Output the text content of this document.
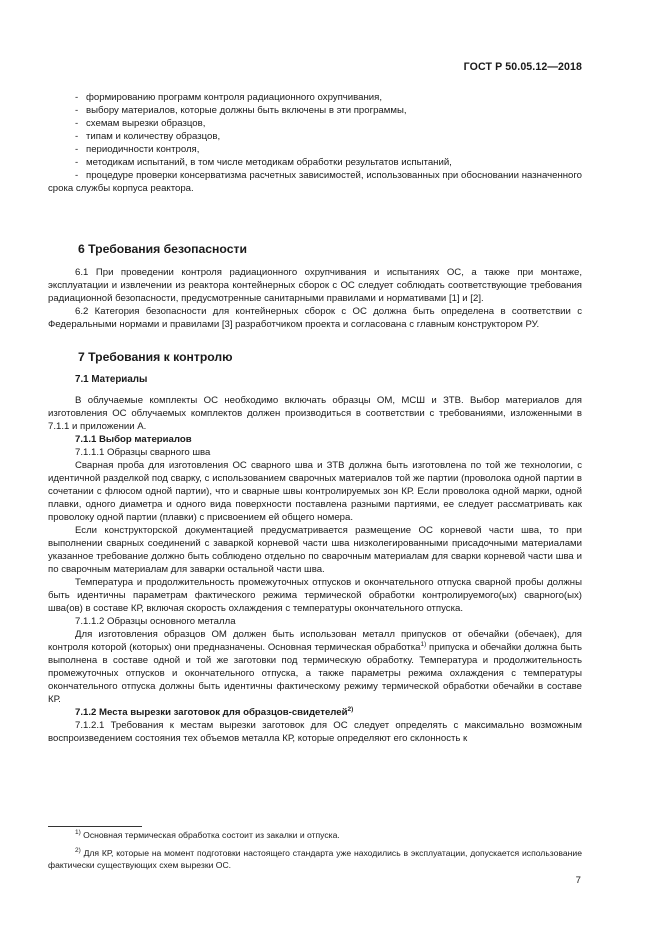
ГОСТ Р 50.05.12—2018
- формированию программ контроля радиационного охрупчивания,
- выбору материалов, которые должны быть включены в эти программы,
- схемам вырезки образцов,
- типам и количеству образцов,
- периодичности контроля,
- методикам испытаний, в том числе методикам обработки результатов испытаний,
- процедуре проверки консерватизма расчетных зависимостей, использованных при обосновании назначенного срока службы корпуса реактора.
6 Требования безопасности

6.1 При проведении контроля радиационного охрупчивания и испытаниях ОС, а также при монтаже, эксплуатации и извлечении из реактора контейнерных сборок с ОС следует соблюдать соответствующие требования радиационной безопасности, предусмотренные санитарными правилами и нормативами [1] и [2].

6.2 Категория безопасности для контейнерных сборок с ОС должна быть определена в соответствии с Федеральными нормами и правилами [3] разработчиком проекта и согласована с главным конструктором РУ.

7 Требования к контролю

7.1 Материалы

В облучаемые комплекты ОС необходимо включать образцы ОМ, МСШ и ЗТВ. Выбор материалов для изготовления ОС облучаемых комплектов должен производиться в соответствии с требованиями, изложенными в 7.1.1 и приложении А.

7.1.1 Выбор материалов

7.1.1.1 Образцы сварного шва

Сварная проба для изготовления ОС сварного шва и ЗТВ должна быть изготовлена по той же технологии, с идентичной разделкой под сварку, с использованием сварочных материалов той же партии (проволока одной партии в сочетании с флюсом одной партии), что и сварные швы контролируемых зон КР. Если проволока одной марки, одной плавки, одного диаметра и одного вида поверхности поставлена разными партиями, ее следует рассматривать как проволоку одной партии (плавки) с присвоением ей общего номера.

Если конструкторской документацией предусматривается размещение ОС корневой части шва, то при выполнении сварных соединений с заваркой корневой части шва низколегированными присадочными материалами указанное требование должно быть соблюдено отдельно по сварочным материалам для сварки корневой части шва и по сварочным материалам для заварки остальной части шва.

Температура и продолжительность промежуточных отпусков и окончательного отпуска сварной пробы должны быть идентичны параметрам фактического режима термической обработки контролируемого(ых) сварного(ых) шва(ов) в составе КР, включая скорость охлаждения с температуры окончательного отпуска.

7.1.1.2 Образцы основного металла

Для изготовления образцов ОМ должен быть использован металл припусков от обечайки (обечаек), для контроля которой (которых) они предназначены. Основная термическая обработка$^{1)}$ припуска и обечайки должна быть выполнена в составе одной и той же заготовки под термическую обработку. Температура и продолжительность промежуточных отпусков и окончательного отпуска, а также параметры режима охлаждения с температуры окончательного отпуска должны быть идентичны фактическому режиму термической обработки обечайки в составе КР.

7.1.2 Места вырезки заготовок для образцов-свидетелей$^{2)}$

7.1.2.1 Требования к местам вырезки заготовок для ОС следует определять с максимально возможным воспроизведением состояния тех объемов металла КР, которые определяют его склонность к

$^{1)}$ Основная термическая обработка состоит из закалки и отпуска.

$^{2)}$ Для КР, которые на момент подготовки настоящего стандарта уже находились в эксплуатации, допускается использование фактически существующих схем вырезки ОС.

7
